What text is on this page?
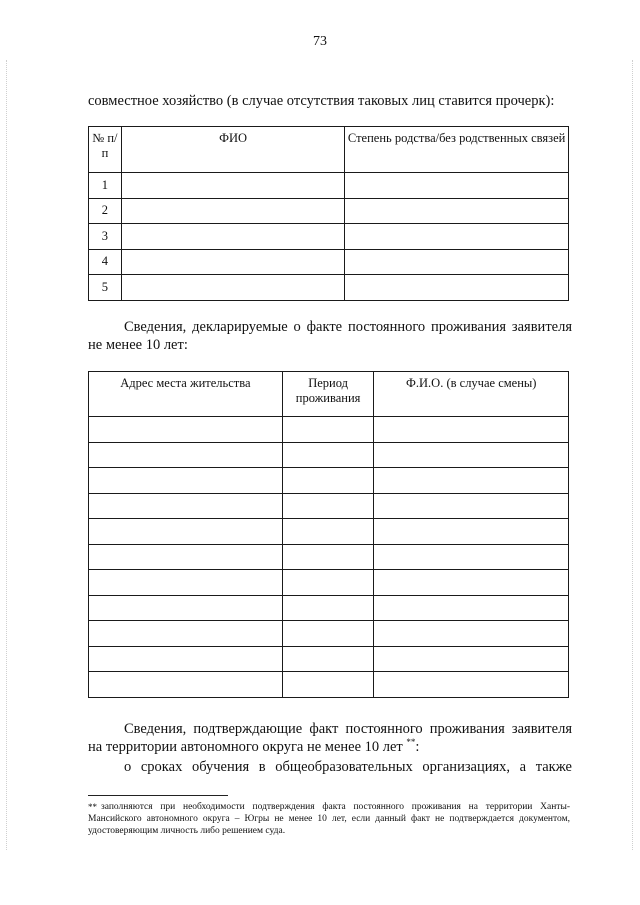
73

совместное хозяйство (в случае отсутствия таковых лиц ставится прочерк):

№ п/п	ФИО	Степень родства/без родственных связей
1		
2		
3		
4		
5		

Сведения, декларируемые о факте постоянного проживания заявителя не менее 10 лет:

Адрес места жительства	Период проживания	Ф.И.О. (в случае смены)

Сведения, подтверждающие факт постоянного проживания заявителя на территории автономного округа не менее 10 лет **:

о сроках обучения в общеобразовательных организациях, а также

** заполняются при необходимости подтверждения факта постоянного проживания на территории Ханты-Мансийского автономного округа – Югры не менее 10 лет, если данный факт не подтверждается документом, удостоверяющим личность либо решением суда.
